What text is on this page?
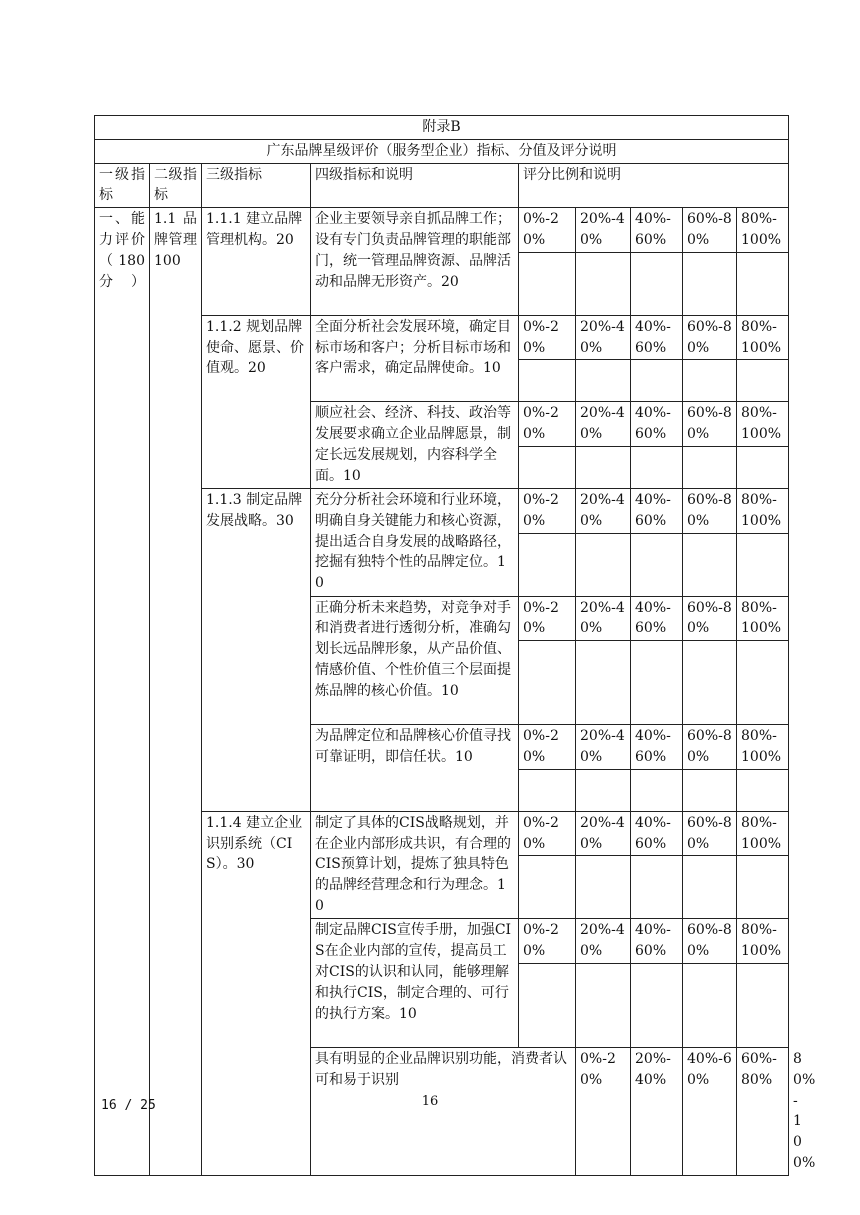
附录B									
广东品牌星级评价（服务型企业）指标、分值及评分说明									
一级指标	二级指标	三级指标	四级指标和说明	评分比例和说明					
一、能力评价（180分）	1.1品牌管理100	1.1.1 建立品牌管理机构。20	企业主要领导亲自抓品牌工作；设有专门负责品牌管理的职能部门，统一管理品牌资源、品牌活动和品牌无形资产。20	0%-20%	20%-40%	40%-60%	60%-80%	80%-100%	

		1.1.2 规划品牌使命、愿景、价值观。20	全面分析社会发展环境，确定目标市场和客户；分析目标市场和客户需求，确定品牌使命。10	0%-20%	20%-40%	40%-60%	60%-80%	80%-100%	

			顺应社会、经济、科技、政治等发展要求确立企业品牌愿景，制定长远发展规划，内容科学全面。10	0%-20%	20%-40%	40%-60%	60%-80%	80%-100%	

		1.1.3 制定品牌发展战略。30	充分分析社会环境和行业环境，明确自身关键能力和核心资源，提出适合自身发展的战略路径，挖掘有独特个性的品牌定位。10	0%-20%	20%-40%	40%-60%	60%-80%	80%-100%	

			正确分析未来趋势，对竞争对手和消费者进行透彻分析，准确勾划长远品牌形象，从产品价值、情感价值、个性价值三个层面提炼品牌的核心价值。10	0%-20%	20%-40%	40%-60%	60%-80%	80%-100%	

			为品牌定位和品牌核心价值寻找可靠证明，即信任状。10	0%-20%	20%-40%	40%-60%	60%-80%	80%-100%	

		1.1.4 建立企业识别系统（CIS）。30	制定了具体的CIS战略规划，并在企业内部形成共识，有合理的CIS预算计划，提炼了独具特色的品牌经营理念和行为理念。10	0%-20%	20%-40%	40%-60%	60%-80%	80%-100%	

			制定品牌CIS宣传手册，加强CIS在企业内部的宣传，提高员工对CIS的认识和认同，能够理解和执行CIS，制定合理的、可行的执行方案。10	0%-20%	20%-40%	40%-60%	60%-80%	80%-100%	

			具有明显的企业品牌识别功能，消费者认可和易于识别		0%-20%	20%-40%	40%-60%	60%-80%	80%-100%
16 / 25	16
